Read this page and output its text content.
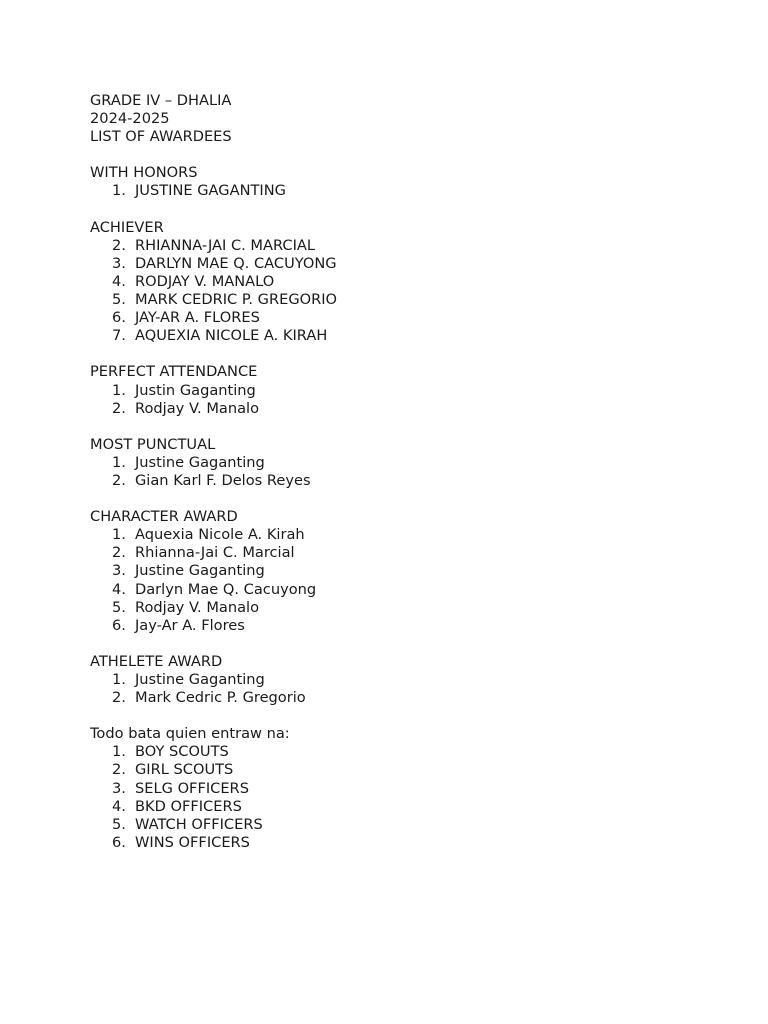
GRADE IV – DHALIA
2024-2025
LIST OF AWARDEES
WITH HONORS
1. JUSTINE GAGANTING
ACHIEVER
2. RHIANNA-JAI C. MARCIAL
3. DARLYN MAE Q. CACUYONG
4. RODJAY V. MANALO
5. MARK CEDRIC P. GREGORIO
6. JAY-AR A. FLORES
7. AQUEXIA NICOLE A. KIRAH
PERFECT ATTENDANCE
1. Justin Gaganting
2. Rodjay V. Manalo
MOST PUNCTUAL
1. Justine Gaganting
2. Gian Karl F. Delos Reyes
CHARACTER AWARD
1. Aquexia Nicole A. Kirah
2. Rhianna-Jai C. Marcial
3. Justine Gaganting
4. Darlyn Mae Q. Cacuyong
5. Rodjay V. Manalo
6. Jay-Ar A. Flores
ATHELETE AWARD
1. Justine Gaganting
2. Mark Cedric P. Gregorio
Todo bata quien entraw na:
1. BOY SCOUTS
2. GIRL SCOUTS
3. SELG OFFICERS
4. BKD OFFICERS
5. WATCH OFFICERS
6. WINS OFFICERS
